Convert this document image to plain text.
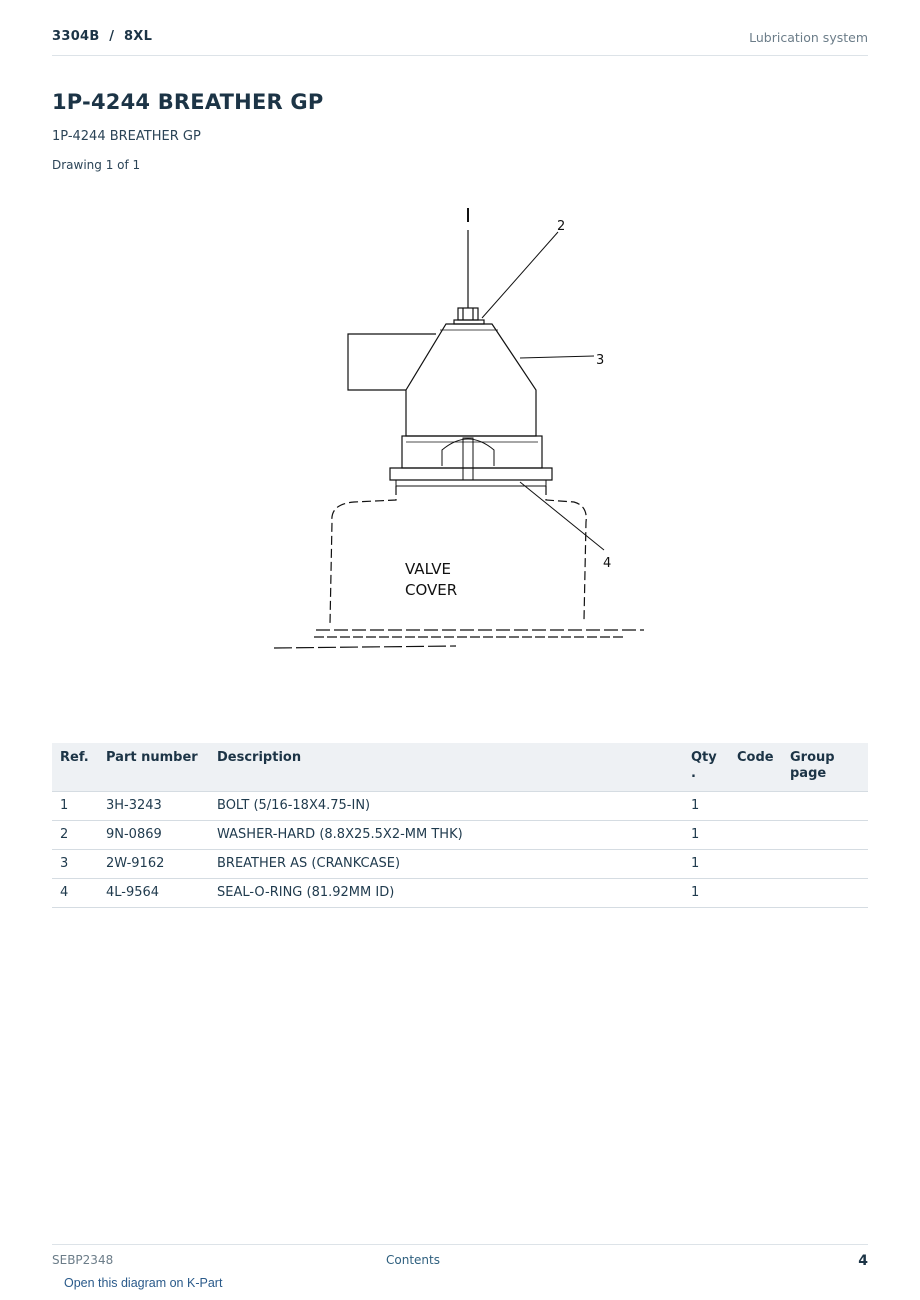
3304B  /  8XL	Lubrication system
1P-4244 BREATHER GP
1P-4244 BREATHER GP
Drawing 1 of 1
2
3
4
VALVE
COVER
Ref.	Part number	Description	Qty .	Code	Group page
1	3H-3243	BOLT (5/16-18X4.75-IN)	1		
2	9N-0869	WASHER-HARD (8.8X25.5X2-MM THK)	1		
3	2W-9162	BREATHER AS (CRANKCASE)	1		
4	4L-9564	SEAL-O-RING (81.92MM ID)	1		
SEBP2348	Contents	4
Open this diagram on K-Part
